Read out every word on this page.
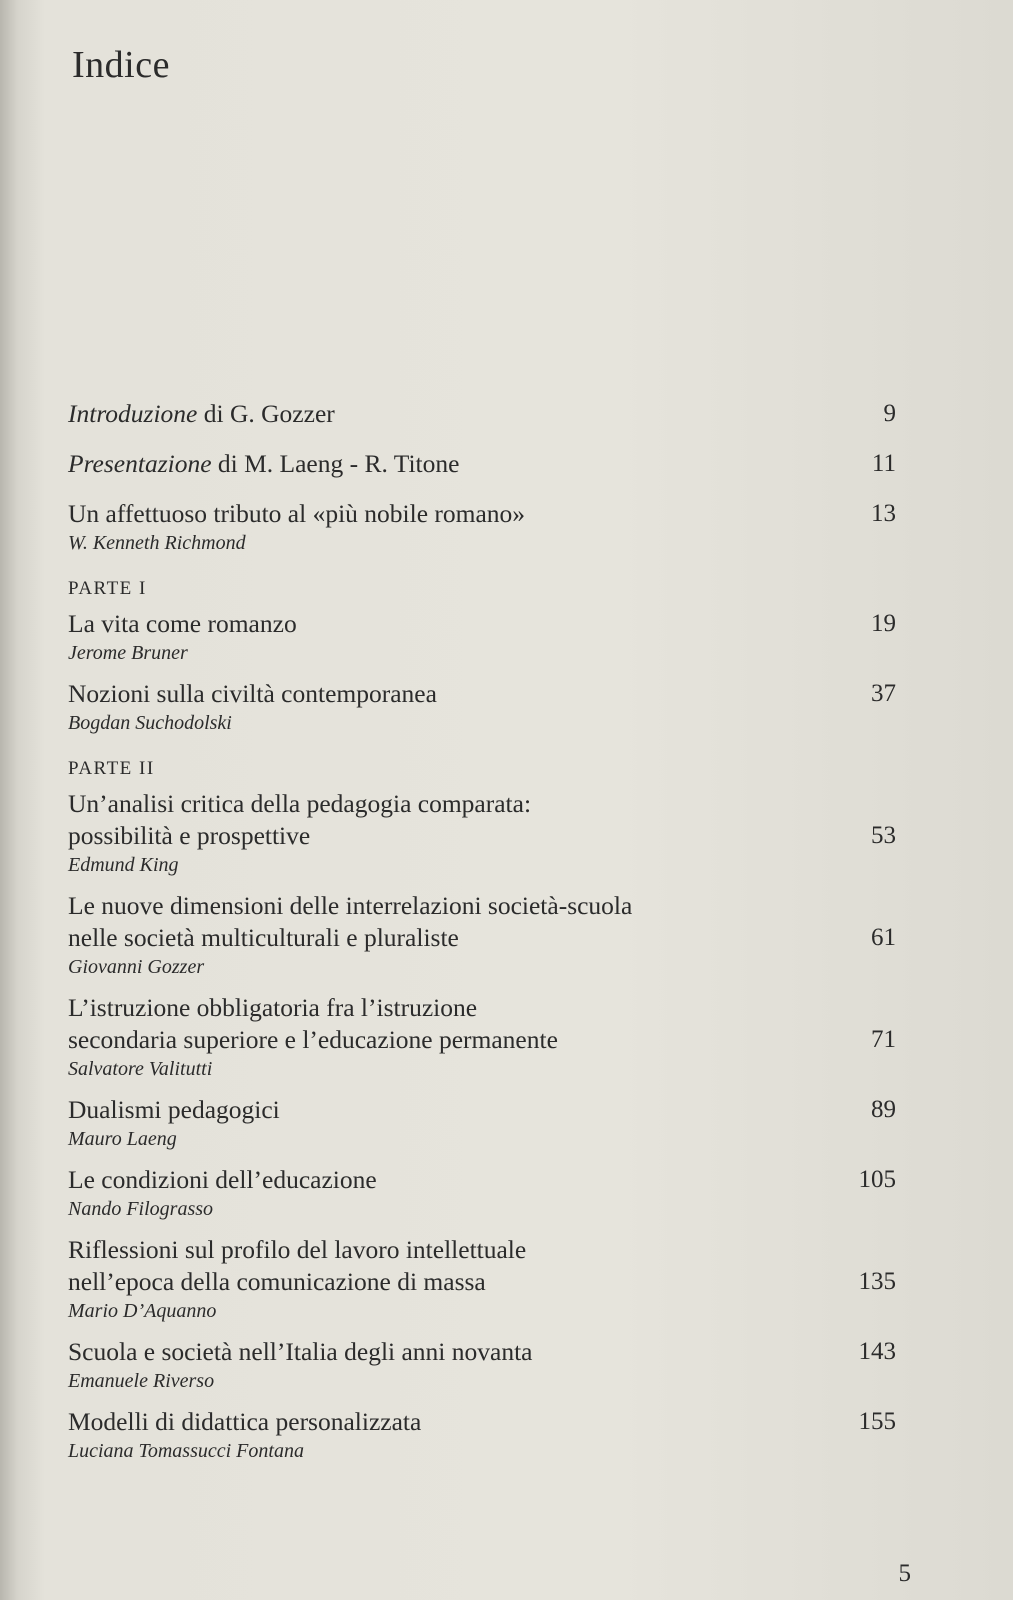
Indice
Introduzione di G. Gozzer	9
Presentazione di M. Laeng - R. Titone	11
Un affettuoso tributo al «più nobile romano»
W. Kenneth Richmond
13
PARTE I
La vita come romanzo
Jerome Bruner
19
Nozioni sulla civiltà contemporanea
Bogdan Suchodolski
37
PARTE II
Un’analisi critica della pedagogia comparata:
possibilità e prospettive
Edmund King
53
Le nuove dimensioni delle interrelazioni società-scuola
nelle società multiculturali e pluraliste
Giovanni Gozzer
61
L’istruzione obbligatoria fra l’istruzione
secondaria superiore e l’educazione permanente
Salvatore Valitutti
71
Dualismi pedagogici
Mauro Laeng
89
Le condizioni dell’educazione
Nando Filograsso
105
Riflessioni sul profilo del lavoro intellettuale
nell’epoca della comunicazione di massa
Mario D’Aquanno
135
Scuola e società nell’Italia degli anni novanta
Emanuele Riverso
143
Modelli di didattica personalizzata
Luciana Tomassucci Fontana
155
5
